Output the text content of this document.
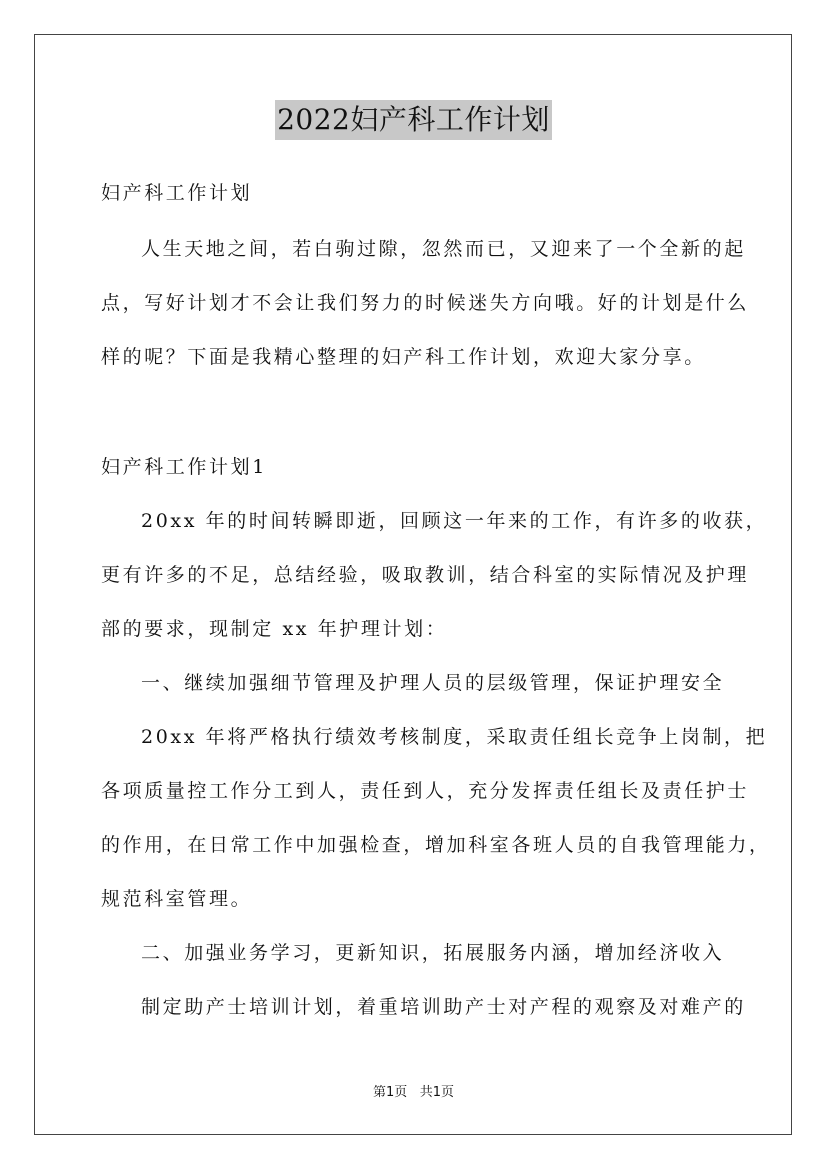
2022妇产科工作计划
妇产科工作计划
人生天地之间，若白驹过隙，忽然而已，又迎来了一个全新的起
点，写好计划才不会让我们努力的时候迷失方向哦。好的计划是什么
样的呢？下面是我精心整理的妇产科工作计划，欢迎大家分享。
妇产科工作计划1
20xx 年的时间转瞬即逝，回顾这一年来的工作，有许多的收获，
更有许多的不足，总结经验，吸取教训，结合科室的实际情况及护理
部的要求，现制定 xx 年护理计划：
一、继续加强细节管理及护理人员的层级管理，保证护理安全
20xx 年将严格执行绩效考核制度，采取责任组长竞争上岗制，把
各项质量控工作分工到人，责任到人，充分发挥责任组长及责任护士
的作用，在日常工作中加强检查，增加科室各班人员的自我管理能力，
规范科室管理。
二、加强业务学习，更新知识，拓展服务内涵，增加经济收入
制定助产士培训计划，着重培训助产士对产程的观察及对难产的
第1页 共1页
